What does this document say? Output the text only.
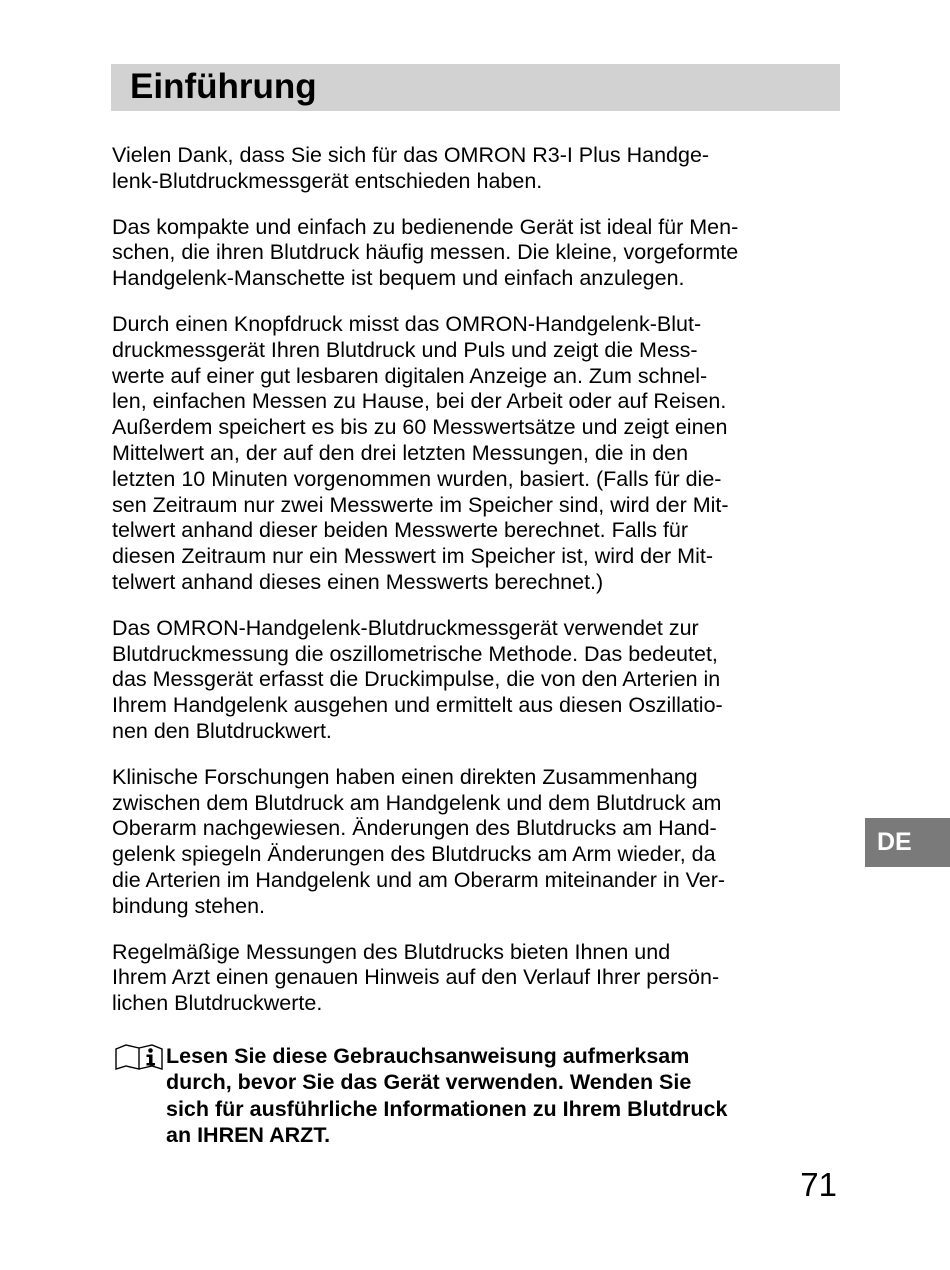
Einführung

Vielen Dank, dass Sie sich für das OMRON R3-I Plus Handge-
lenk-Blutdruckmessgerät entschieden haben.

Das kompakte und einfach zu bedienende Gerät ist ideal für Men-
schen, die ihren Blutdruck häufig messen. Die kleine, vorgeformte
Handgelenk-Manschette ist bequem und einfach anzulegen.

Durch einen Knopfdruck misst das OMRON-Handgelenk-Blut-
druckmessgerät Ihren Blutdruck und Puls und zeigt die Mess-
werte auf einer gut lesbaren digitalen Anzeige an. Zum schnel-
len, einfachen Messen zu Hause, bei der Arbeit oder auf Reisen.
Außerdem speichert es bis zu 60 Messwertsätze und zeigt einen
Mittelwert an, der auf den drei letzten Messungen, die in den
letzten 10 Minuten vorgenommen wurden, basiert. (Falls für die-
sen Zeitraum nur zwei Messwerte im Speicher sind, wird der Mit-
telwert anhand dieser beiden Messwerte berechnet. Falls für
diesen Zeitraum nur ein Messwert im Speicher ist, wird der Mit-
telwert anhand dieses einen Messwerts berechnet.)

Das OMRON-Handgelenk-Blutdruckmessgerät verwendet zur
Blutdruckmessung die oszillometrische Methode. Das bedeutet,
das Messgerät erfasst die Druckimpulse, die von den Arterien in
Ihrem Handgelenk ausgehen und ermittelt aus diesen Oszillatio-
nen den Blutdruckwert.

Klinische Forschungen haben einen direkten Zusammenhang
zwischen dem Blutdruck am Handgelenk und dem Blutdruck am
Oberarm nachgewiesen. Änderungen des Blutdrucks am Hand-
gelenk spiegeln Änderungen des Blutdrucks am Arm wieder, da
die Arterien im Handgelenk und am Oberarm miteinander in Ver-
bindung stehen.

Regelmäßige Messungen des Blutdrucks bieten Ihnen und
Ihrem Arzt einen genauen Hinweis auf den Verlauf Ihrer persön-
lichen Blutdruckwerte.

Lesen Sie diese Gebrauchsanweisung aufmerksam
durch, bevor Sie das Gerät verwenden. Wenden Sie
sich für ausführliche Informationen zu Ihrem Blutdruck
an IHREN ARZT.
DE
71
